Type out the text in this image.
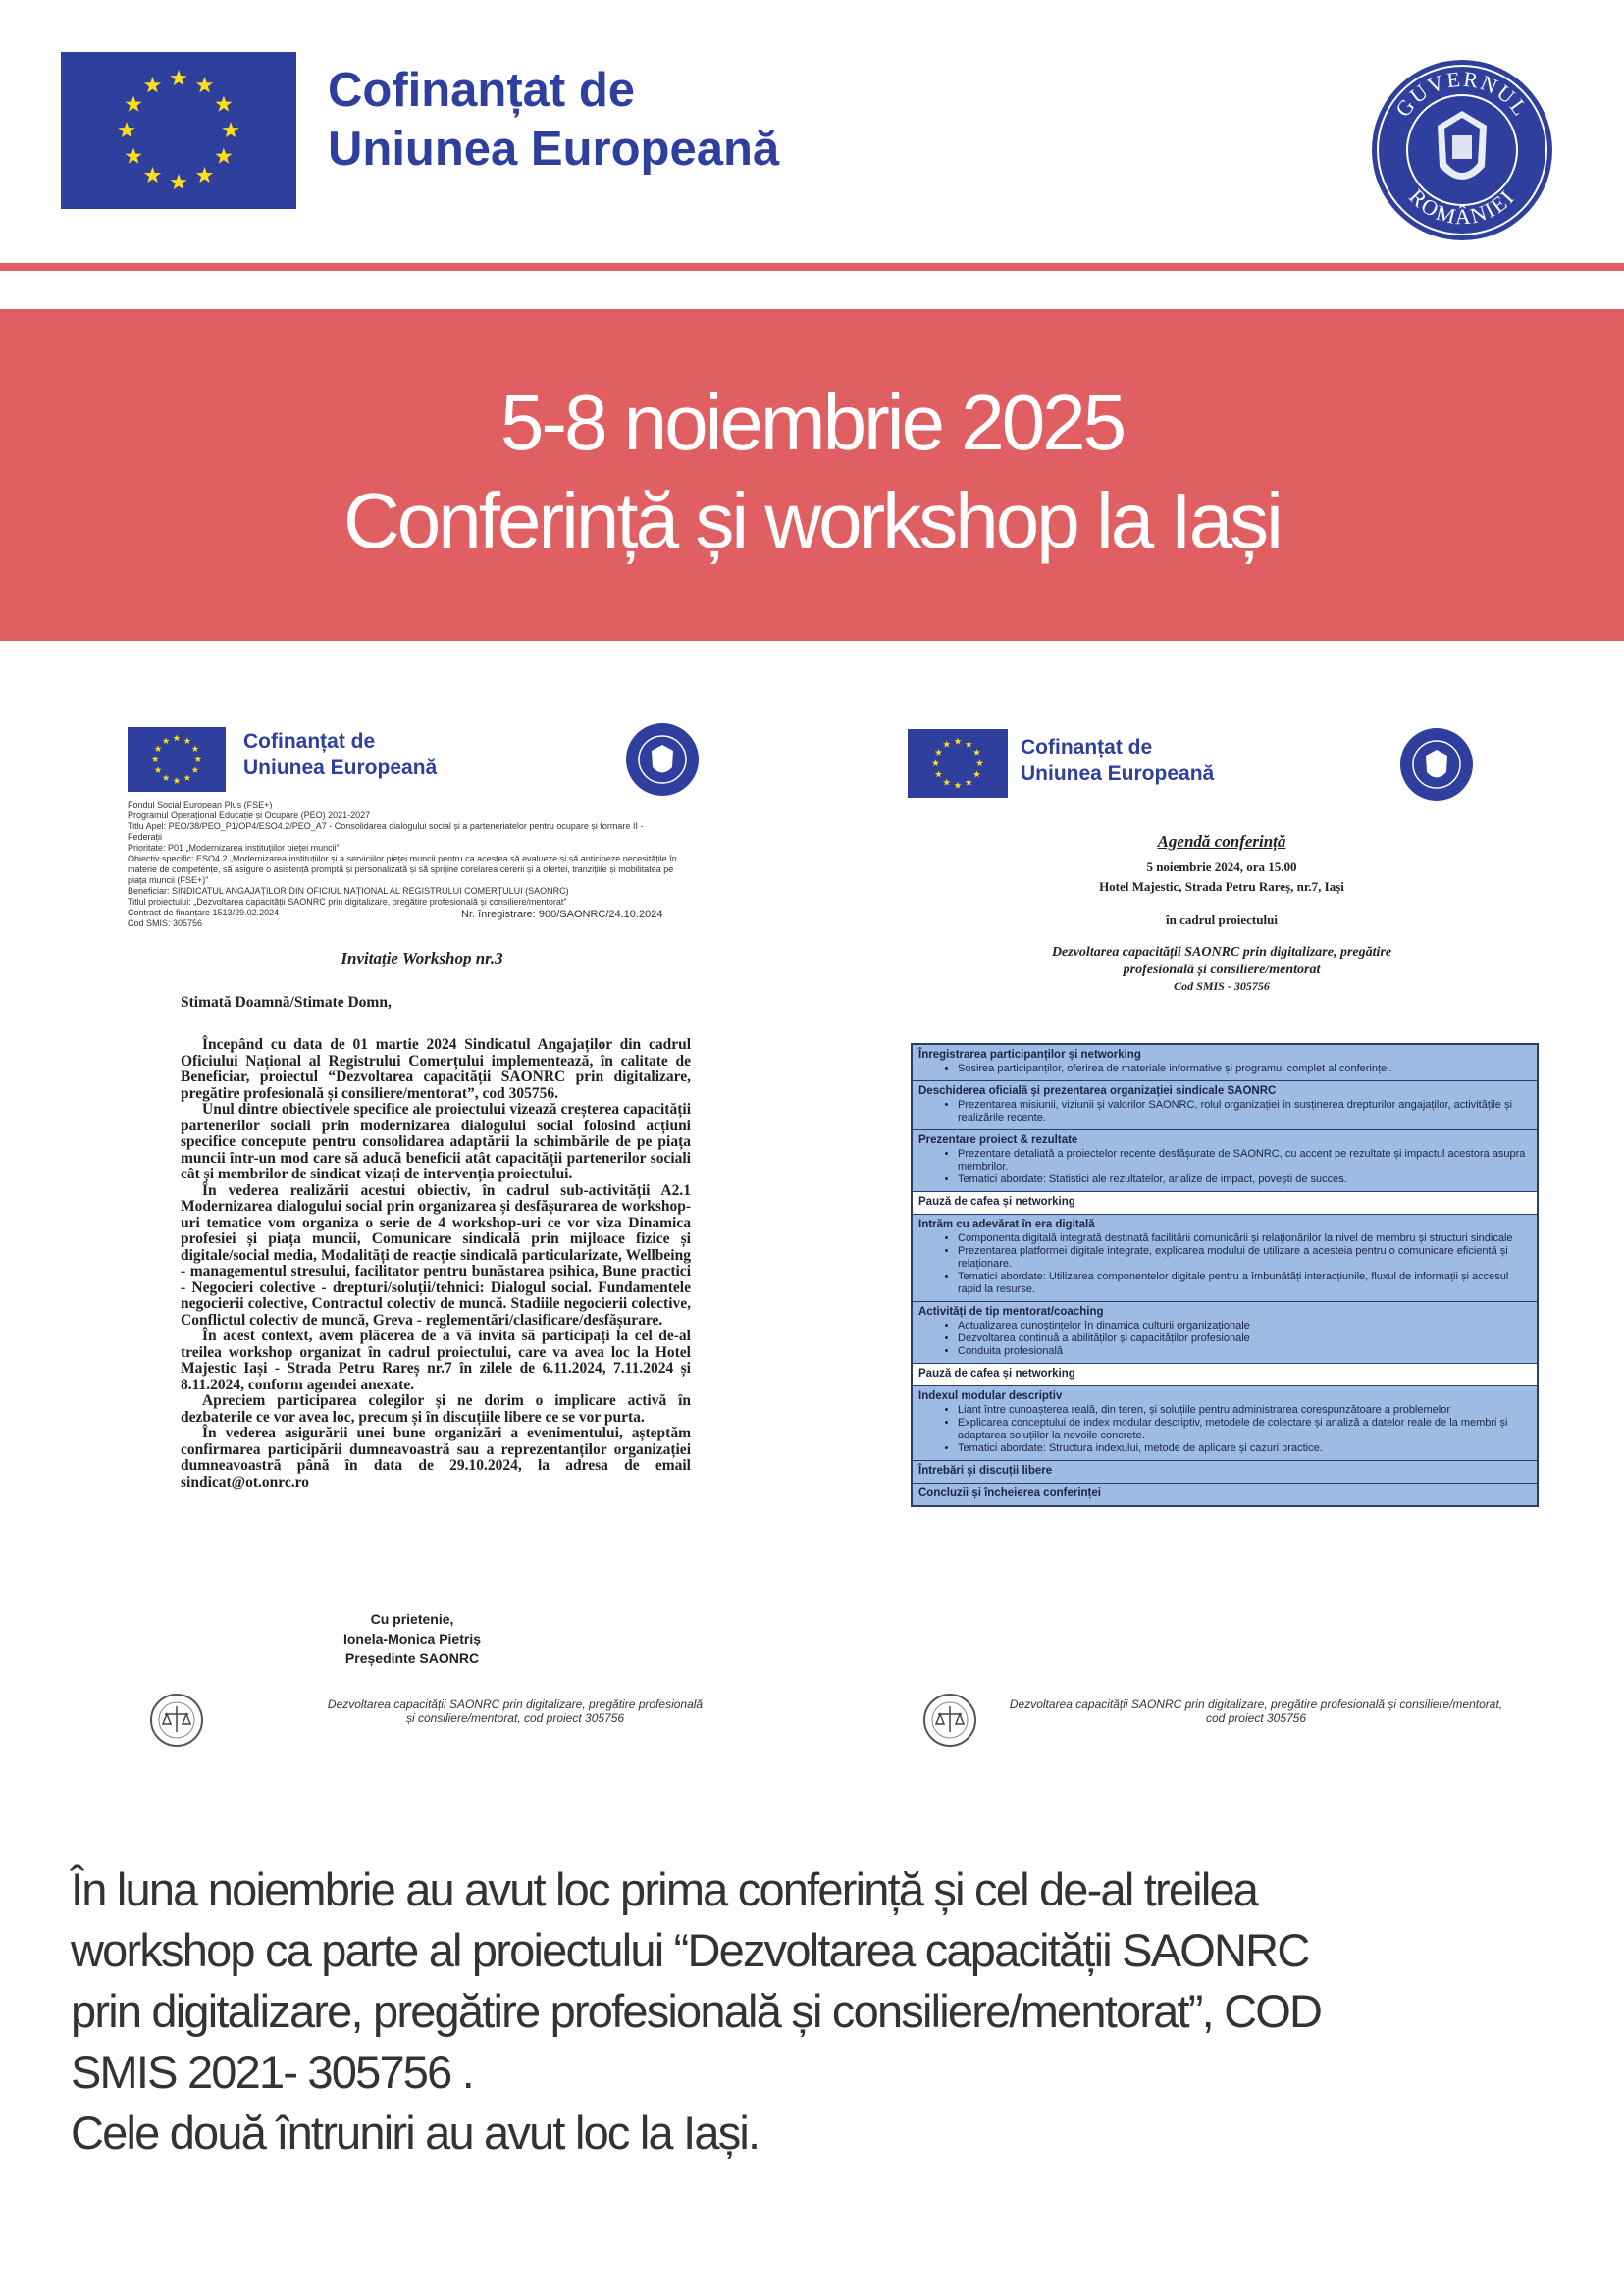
Cofinanțat de
Uniunea Europeană
GUVERNUL
ROMÂNIEI
5-8 noiembrie 2025
Conferință și workshop la Iași
Cofinanțat de
Uniunea Europeană
Fondul Social European Plus (FSE+)
Programul Operațional Educație și Ocupare (PEO) 2021-2027
Titlu Apel: PEO/38/PEO_P1/OP4/ESO4.2/PEO_A7 - Consolidarea dialogului social și a parteneriatelor pentru ocupare și formare II - Federații
Prioritate: P01 „Modernizarea instituțiilor pieței muncii”
Obiectiv specific: ESO4.2 „Modernizarea instituțiilor și a serviciilor pieței muncii pentru ca acestea să evalueze și să anticipeze necesitățile în materie de competențe, să asigure o asistență promptă și personalizată și să sprijine corelarea cererii și a ofertei, tranzițiile și mobilitatea pe piața muncii (FSE+)”
Beneficiar: SINDICATUL ANGAJAȚILOR DIN OFICIUL NAȚIONAL AL REGISTRULUI COMERȚULUI (SAONRC)
Titlul proiectului: „Dezvoltarea capacității SAONRC prin digitalizare, pregătire profesională și consiliere/mentorat”
Contract de finanțare 1513/29.02.2024
Cod SMIS: 305756
Nr. înregistrare: 900/SAONRC/24.10.2024
Invitație Workshop nr.3
Stimată Doamnă/Stimate Domn,

Începând cu data de 01 martie 2024 Sindicatul Angajaților din cadrul Oficiului Național al Registrului Comerțului implementează, în calitate de Beneficiar, proiectul “Dezvoltarea capacității SAONRC prin digitalizare, pregătire profesională și consiliere/mentorat”, cod 305756.

Unul dintre obiectivele specifice ale proiectului vizează creșterea capacității partenerilor sociali prin modernizarea dialogului social folosind acțiuni specifice concepute pentru consolidarea adaptării la schimbările de pe piața muncii într-un mod care să aducă beneficii atât capacității partenerilor sociali cât și membrilor de sindicat vizați de intervenția proiectului.

În vederea realizării acestui obiectiv, în cadrul sub-activității A2.1 Modernizarea dialogului social prin organizarea și desfășurarea de workshop-uri tematice vom organiza o serie de 4 workshop-uri ce vor viza Dinamica profesiei și piața muncii, Comunicare sindicală prin mijloace fizice și digitale/social media, Modalități de reacție sindicală particularizate, Wellbeing - managementul stresului, facilitator pentru bunăstarea psihica, Bune practici - Negocieri colective - drepturi/soluții/tehnici: Dialogul social. Fundamentele negocierii colective, Contractul colectiv de muncă. Stadiile negocierii colective, Conflictul colectiv de muncă, Greva - reglementări/clasificare/desfășurare.

În acest context, avem plăcerea de a vă invita să participați la cel de-al treilea workshop organizat în cadrul proiectului, care va avea loc la Hotel Majestic Iași - Strada Petru Rareș nr.7 în zilele de 6.11.2024, 7.11.2024 și 8.11.2024, conform agendei anexate.

Apreciem participarea colegilor și ne dorim o implicare activă în dezbaterile ce vor avea loc, precum și în discuțiile libere ce se vor purta.

În vederea asigurării unei bune organizări a evenimentului, așteptăm confirmarea participării dumneavoastră sau a reprezentanților organizației dumneavoastră până în data de 29.10.2024, la adresa de email sindicat@ot.onrc.ro

Cu prietenie,
Ionela-Monica Pietriș
Președinte SAONRC
Dezvoltarea capacității SAONRC prin digitalizare, pregătire profesională și consiliere/mentorat, cod proiect 305756
Cofinanțat de
Uniunea Europeană
Agendă conferință
5 noiembrie 2024, ora 15.00
Hotel Majestic, Strada Petru Rareș, nr.7, Iași
în cadrul proiectului
Dezvoltarea capacității SAONRC prin digitalizare, pregătire
profesională și consiliere/mentorat
Cod SMIS - 305756
Înregistrarea participanților și networking
• Sosirea participanților, oferirea de materiale informative și programul complet al conferinței.
Deschiderea oficială și prezentarea organizației sindicale SAONRC
• Prezentarea misiunii, viziunii și valorilor SAONRC, rolul organizației în susținerea drepturilor angajaților, activitățile și realizările recente.
Prezentare proiect & rezultate
• Prezentare detaliată a proiectelor recente desfășurate de SAONRC, cu accent pe rezultate și impactul acestora asupra membrilor.
• Tematici abordate: Statistici ale rezultatelor, analize de impact, povești de succes.
Pauză de cafea și networking
Intrăm cu adevărat în era digitală
• Componenta digitală integrată destinată facilitării comunicării și relaționărilor la nivel de membru și structuri sindicale
• Prezentarea platformei digitale integrate, explicarea modului de utilizare a acesteia pentru o comunicare eficientă și relaționare.
• Tematici abordate: Utilizarea componentelor digitale pentru a îmbunătăți interacțiunile, fluxul de informații și accesul rapid la resurse.
Activități de tip mentorat/coaching
• Actualizarea cunoștințelor în dinamica culturii organizaționale
• Dezvoltarea continuă a abilităților și capacităților profesionale
• Conduita profesională
Pauză de cafea și networking
Indexul modular descriptiv
• Liant între cunoașterea reală, din teren, și soluțiile pentru administrarea corespunzătoare a problemelor
• Explicarea conceptului de index modular descriptiv, metodele de colectare și analiză a datelor reale de la membri și adaptarea soluțiilor la nevoile concrete.
• Tematici abordate: Structura indexului, metode de aplicare și cazuri practice.
Întrebări și discuții libere
Concluzii și încheierea conferinței
Dezvoltarea capacității SAONRC prin digitalizare, pregătire profesională și consiliere/mentorat, cod proiect 305756
În luna noiembrie au avut loc prima conferință și cel de-al treilea
workshop ca parte al proiectului “Dezvoltarea capacității SAONRC
prin digitalizare, pregătire profesională și consiliere/mentorat”, COD
SMIS 2021- 305756 .
Cele două întruniri au avut loc la Iași.
